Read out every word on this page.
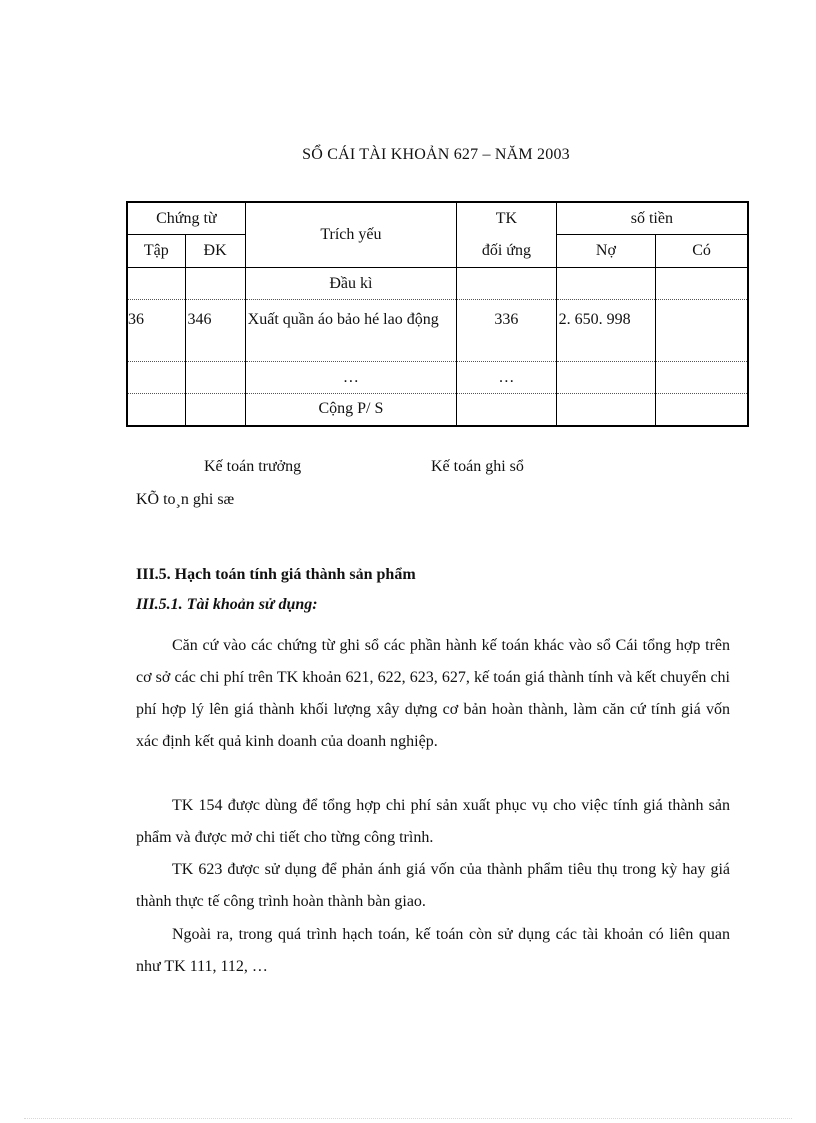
SỔ CÁI TÀI KHOẢN 627 – NĂM 2003
Chứng từ		Trích yếu	TK
đối ứng	số tiền	
Tập	ĐK			Nợ	Có
		Đầu kì			
36	346	Xuất quần áo bảo hé lao động	336	2. 650. 998	
		…	…		
		Cộng P/ S			
Kế toán trưởng	Kế toán ghi sổ
KÕ to¸n ghi sæ
III.5. Hạch toán tính giá thành sản phẩm
III.5.1. Tài khoản sử dụng:

Căn cứ vào các chứng từ ghi sổ các phần hành kế toán khác vào sổ Cái tổng hợp trên cơ sở các chi phí trên TK khoản 621, 622, 623, 627, kế toán giá thành tính và kết chuyển chi phí hợp lý lên giá thành khối lượng xây dựng cơ bản hoàn thành, làm căn cứ tính giá vốn xác định kết quả kinh doanh của doanh nghiệp.

TK 154 được dùng để tổng hợp chi phí sản xuất phục vụ cho việc tính giá thành sản phẩm và được mở chi tiết cho từng công trình.

TK 623 được sử dụng để phản ánh giá vốn của thành phẩm tiêu thụ trong kỳ hay giá thành thực tế công trình hoàn thành bàn giao.

Ngoài ra, trong quá trình hạch toán, kế toán còn sử dụng các tài khoản có liên quan như TK 111, 112, …
